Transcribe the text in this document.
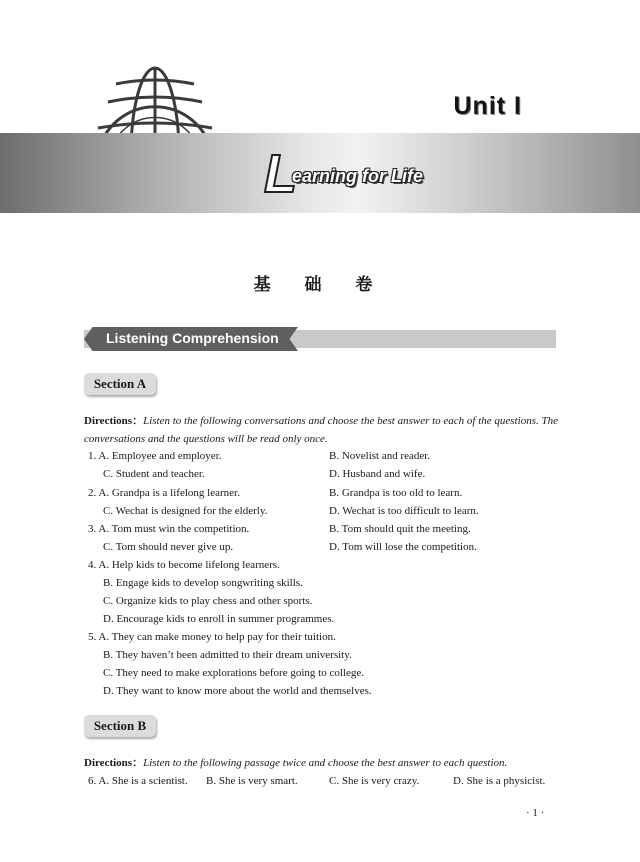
Unit I
L
earning for Life
基 础 卷
Listening Comprehension
Section A
Directions：Listen to the following conversations and choose the best answer to each of the questions. The conversations and the questions will be read only once.
1. A. Employee and employer.	B. Novelist and reader.
C. Student and teacher.	D. Husband and wife.
2. A. Grandpa is a lifelong learner.	B. Grandpa is too old to learn.
C. Wechat is designed for the elderly.	D. Wechat is too difficult to learn.
3. A. Tom must win the competition.	B. Tom should quit the meeting.
C. Tom should never give up.	D. Tom will lose the competition.
4. A. Help kids to become lifelong learners.
B. Engage kids to develop songwriting skills.
C. Organize kids to play chess and other sports.
D. Encourage kids to enroll in summer programmes.
5. A. They can make money to help pay for their tuition.
B. They haven’t been admitted to their dream university.
C. They need to make explorations before going to college.
D. They want to know more about the world and themselves.
Section B
Directions：Listen to the following passage twice and choose the best answer to each question.
6. A. She is a scientist. B. She is very smart.	C. She is very crazy.	D. She is a physicist.
· 1 ·
